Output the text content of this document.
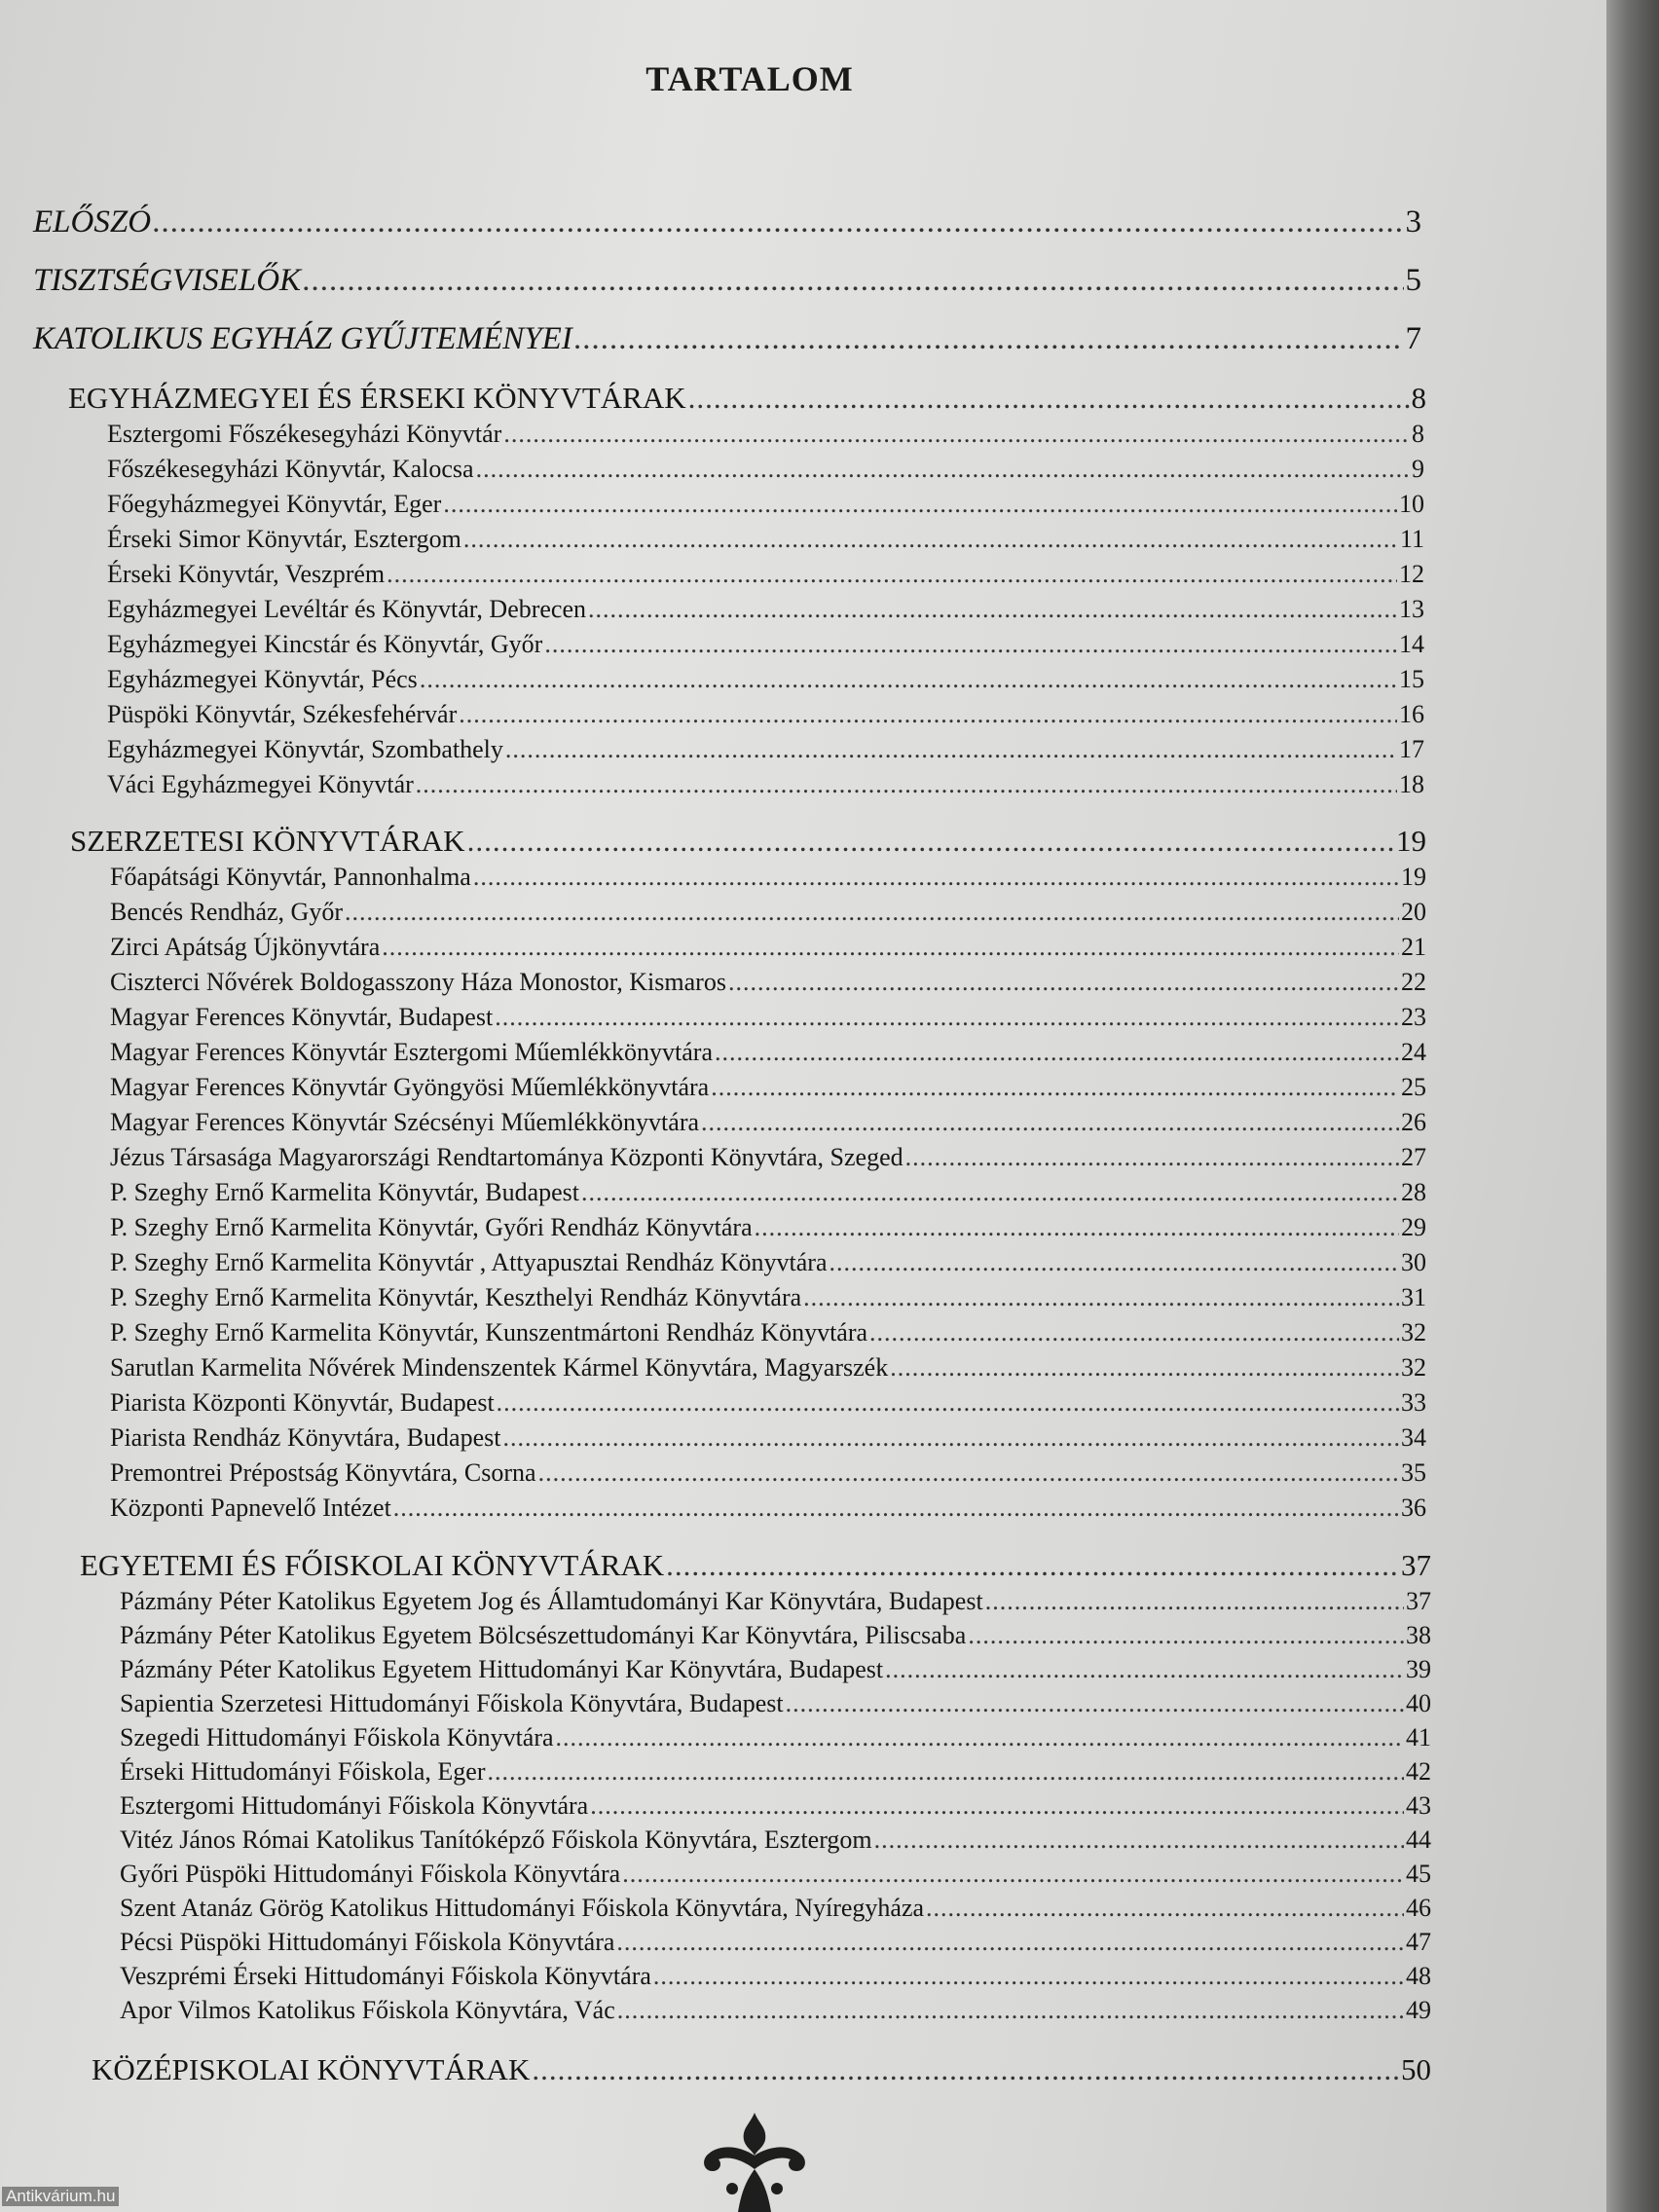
TARTALOM
ELŐSZÓ .....	3
TISZTSÉGVISELŐK .....	5
KATOLIKUS EGYHÁZ GYŰJTEMÉNYEI .....	7
EGYHÁZMEGYEI ÉS ÉRSEKI KÖNYVTÁRAK .....	8
Esztergomi Főszékesegyházi Könyvtár .....	8
Főszékesegyházi Könyvtár, Kalocsa .....	9
Főegyházmegyei Könyvtár, Eger .....	10
Érseki Simor Könyvtár, Esztergom .....	11
Érseki Könyvtár, Veszprém .....	12
Egyházmegyei Levéltár és Könyvtár, Debrecen .....	13
Egyházmegyei Kincstár és Könyvtár, Győr .....	14
Egyházmegyei Könyvtár, Pécs .....	15
Püspöki Könyvtár, Székesfehérvár .....	16
Egyházmegyei Könyvtár, Szombathely .....	17
Váci Egyházmegyei Könyvtár .....	18
SZERZETESI KÖNYVTÁRAK .....	19
Főapátsági Könyvtár, Pannonhalma .....	19
Bencés Rendház, Győr .....	20
Zirci Apátság Újkönyvtára .....	21
Ciszterci Nővérek Boldogasszony Háza Monostor, Kismaros .....	22
Magyar Ferences Könyvtár, Budapest .....	23
Magyar Ferences Könyvtár Esztergomi Műemlékkönyvtára .....	24
Magyar Ferences Könyvtár Gyöngyösi Műemlékkönyvtára .....	25
Magyar Ferences Könyvtár Szécsényi Műemlékkönyvtára .....	26
Jézus Társasága Magyarországi Rendtartománya Központi Könyvtára, Szeged .....	27
P. Szeghy Ernő Karmelita Könyvtár, Budapest .....	28
P. Szeghy Ernő Karmelita Könyvtár, Győri Rendház Könyvtára .....	29
P. Szeghy Ernő Karmelita Könyvtár , Attyapusztai Rendház Könyvtára .....	30
P. Szeghy Ernő Karmelita Könyvtár, Keszthelyi Rendház Könyvtára .....	31
P. Szeghy Ernő Karmelita Könyvtár, Kunszentmártoni Rendház Könyvtára .....	32
Sarutlan Karmelita Nővérek Mindenszentek Kármel Könyvtára, Magyarszék .....	32
Piarista Központi Könyvtár, Budapest .....	33
Piarista Rendház Könyvtára, Budapest .....	34
Premontrei Prépostság Könyvtára, Csorna .....	35
Központi Papnevelő Intézet .....	36
EGYETEMI ÉS FŐISKOLAI KÖNYVTÁRAK .....	37
Pázmány Péter Katolikus Egyetem Jog és Államtudományi Kar Könyvtára, Budapest .....	37
Pázmány Péter Katolikus Egyetem Bölcsészettudományi Kar Könyvtára, Piliscsaba .....	38
Pázmány Péter Katolikus Egyetem Hittudományi Kar Könyvtára, Budapest .....	39
Sapientia Szerzetesi Hittudományi Főiskola Könyvtára, Budapest .....	40
Szegedi Hittudományi Főiskola Könyvtára .....	41
Érseki Hittudományi Főiskola, Eger .....	42
Esztergomi Hittudományi Főiskola Könyvtára .....	43
Vitéz János Római Katolikus Tanítóképző Főiskola Könyvtára, Esztergom .....	44
Győri Püspöki Hittudományi Főiskola Könyvtára .....	45
Szent Atanáz Görög Katolikus Hittudományi Főiskola Könyvtára, Nyíregyháza .....	46
Pécsi Püspöki Hittudományi Főiskola Könyvtára .....	47
Veszprémi Érseki Hittudományi Főiskola Könyvtára .....	48
Apor Vilmos Katolikus Főiskola Könyvtára, Vác .....	49
KÖZÉPISKOLAI KÖNYVTÁRAK .....	50
Antikvárium.hu
